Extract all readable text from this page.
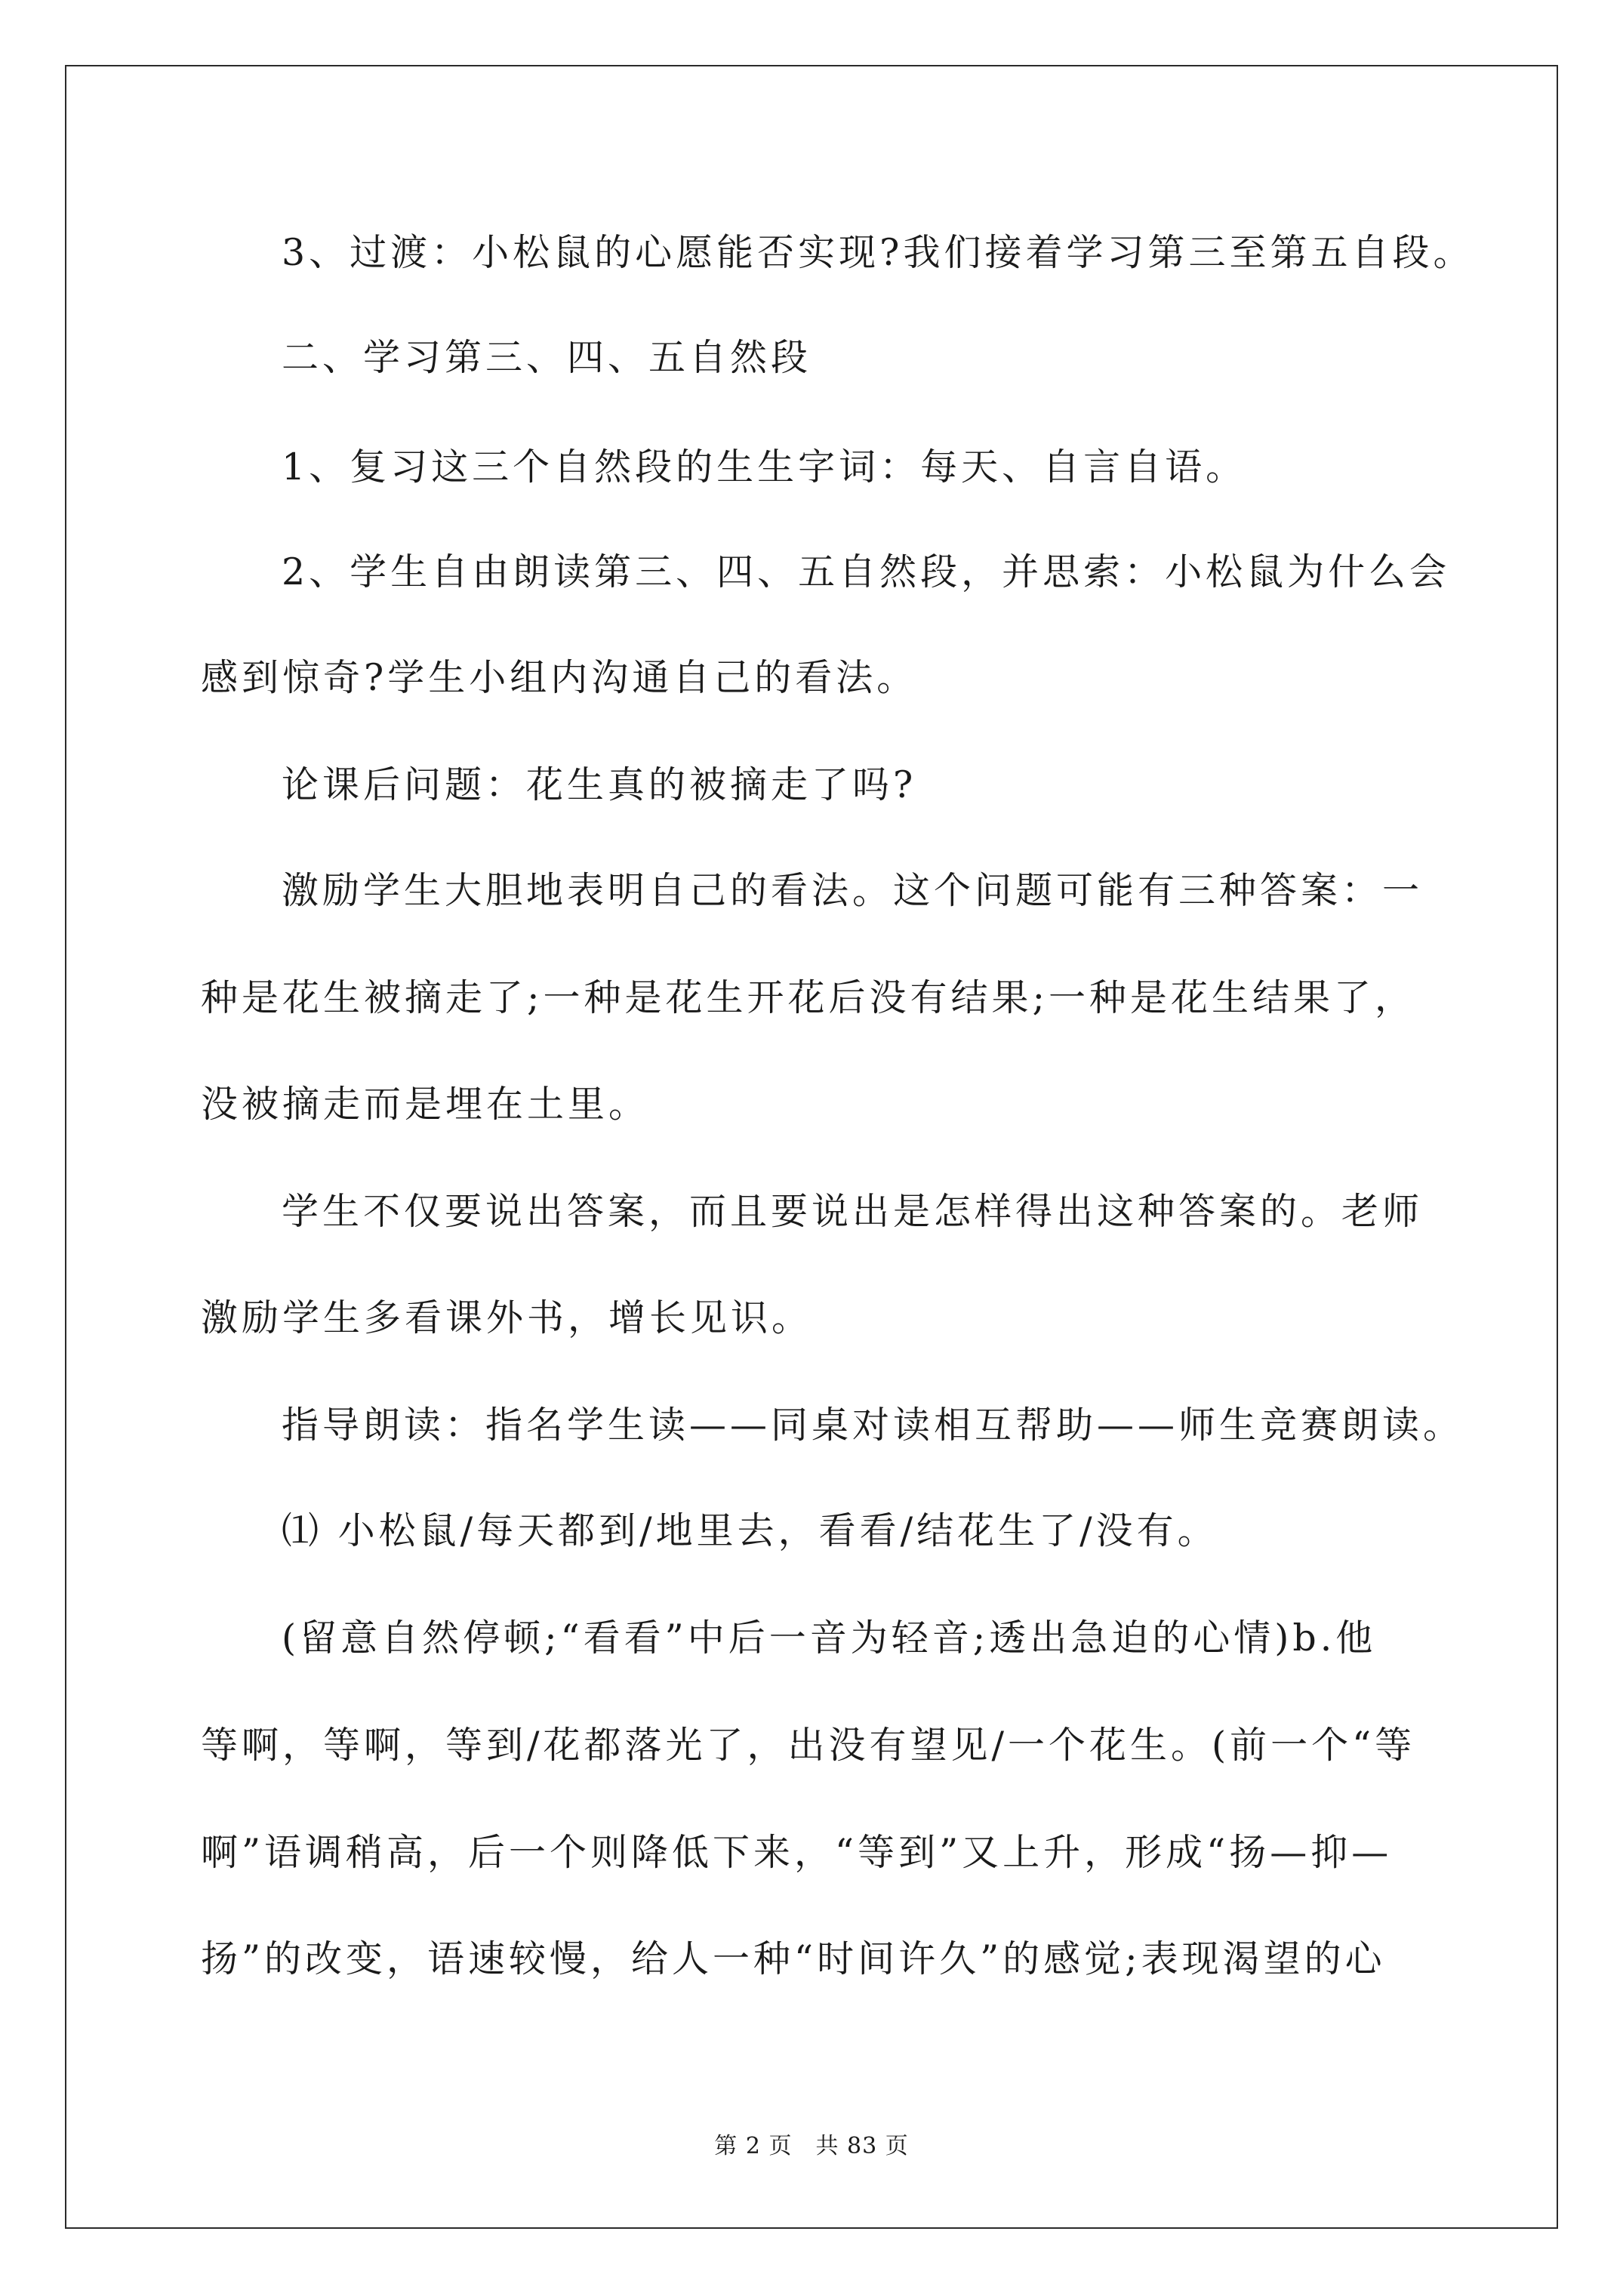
3、过渡：小松鼠的心愿能否实现?我们接着学习第三至第五自段。
二、学习第三、四、五自然段
1、复习这三个自然段的生生字词：每天、自言自语。
2、学生自由朗读第三、四、五自然段，并思索：小松鼠为什么会
感到惊奇?学生小组内沟通自己的看法。
论课后问题：花生真的被摘走了吗?
激励学生大胆地表明自己的看法。这个问题可能有三种答案：一
种是花生被摘走了;一种是花生开花后没有结果;一种是花生结果了，
没被摘走而是埋在土里。
学生不仅要说出答案，而且要说出是怎样得出这种答案的。老师
激励学生多看课外书，增长见识。
指导朗读：指名学生读——同桌对读相互帮助——师生竞赛朗读。
⑴ 小松鼠/每天都到/地里去，看看/结花生了/没有。
(留意自然停顿;“看看”中后一音为轻音;透出急迫的心情)b.他
等啊，等啊，等到/花都落光了，出没有望见/一个花生。(前一个“等
啊”语调稍高，后一个则降低下来，“等到”又上升，形成“扬—抑—
扬”的改变，语速较慢，给人一种“时间许久”的感觉;表现渴望的心
第 2 页　共 83 页
